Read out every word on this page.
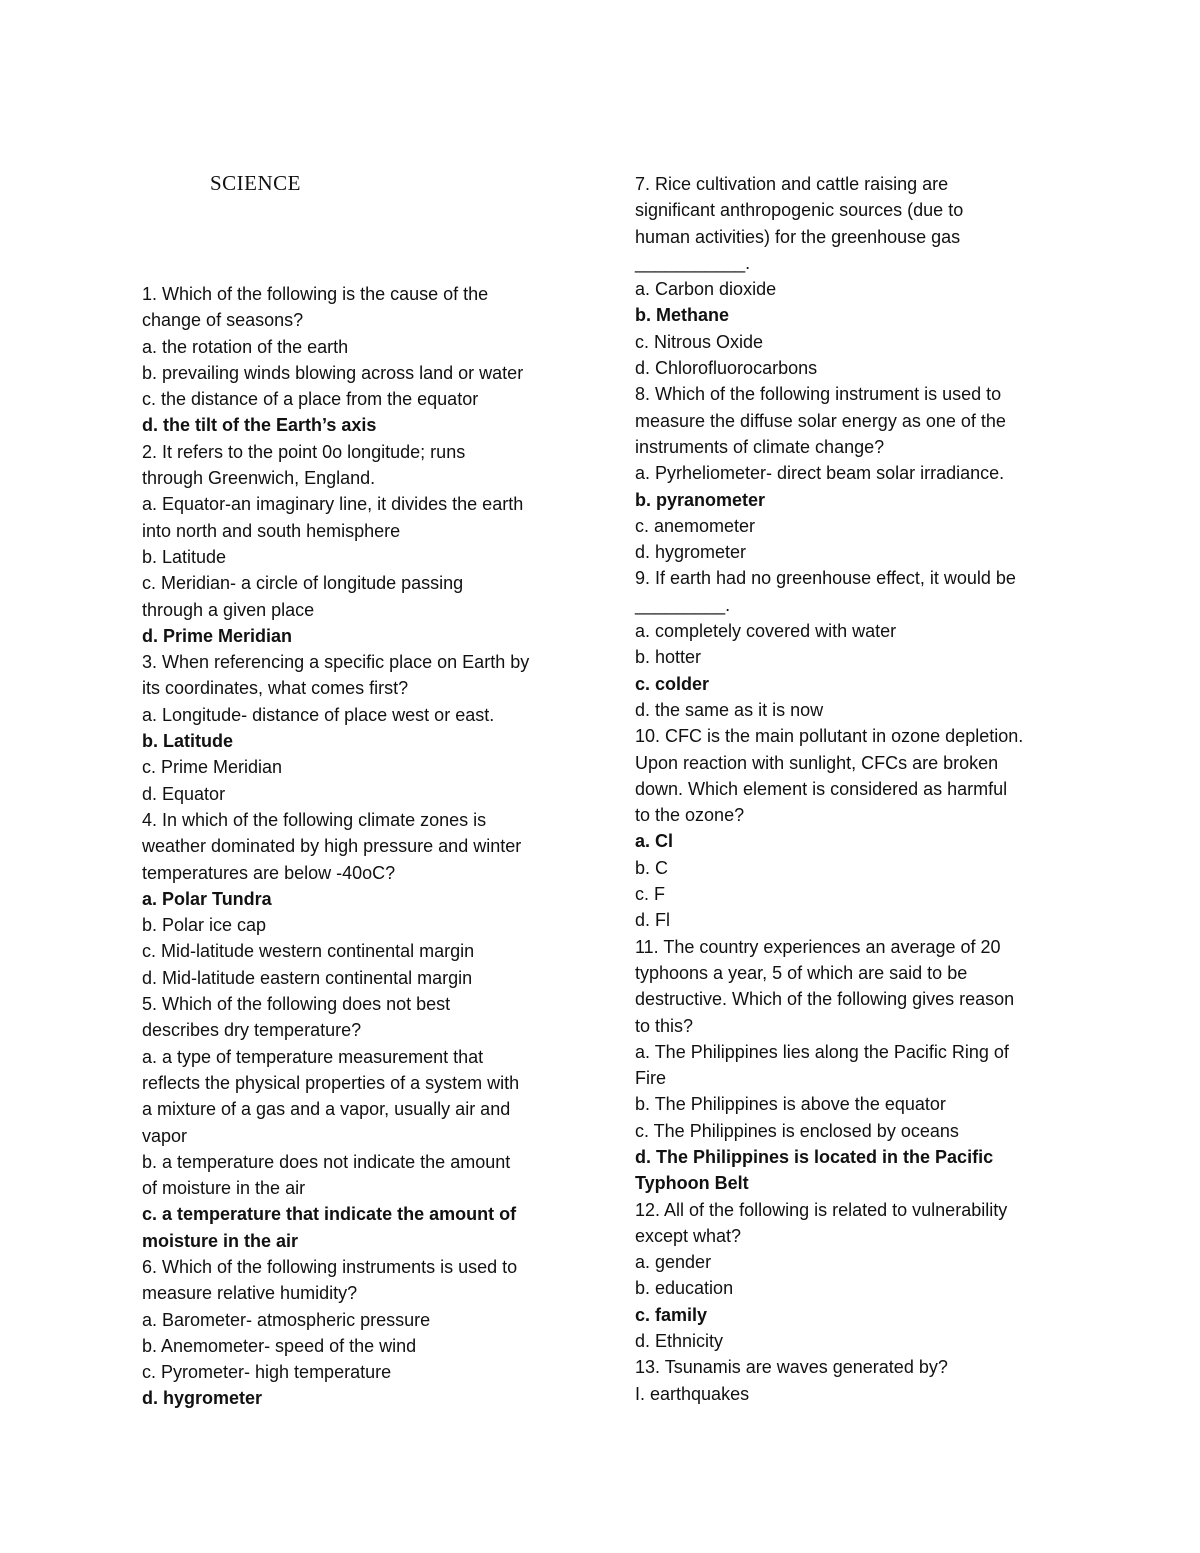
SCIENCE
1. Which of the following is the cause of the
change of seasons?
a. the rotation of the earth
b. prevailing winds blowing across land or water
c. the distance of a place from the equator
d. the tilt of the Earth’s axis
2. It refers to the point 0o longitude; runs
through Greenwich, England.
a. Equator-an imaginary line, it divides the earth
into north and south hemisphere
b. Latitude
c. Meridian- a circle of longitude passing
through a given place
d. Prime Meridian
3. When referencing a specific place on Earth by
its coordinates, what comes first?
a. Longitude- distance of place west or east.
b. Latitude
c. Prime Meridian
d. Equator
4. In which of the following climate zones is
weather dominated by high pressure and winter
temperatures are below -40oC?
a. Polar Tundra
b. Polar ice cap
c. Mid-latitude western continental margin
d. Mid-latitude eastern continental margin
5. Which of the following does not best
describes dry temperature?
a. a type of temperature measurement that
reflects the physical properties of a system with
a mixture of a gas and a vapor, usually air and
vapor
b. a temperature does not indicate the amount
of moisture in the air
c. a temperature that indicate the amount of
moisture in the air
6. Which of the following instruments is used to
measure relative humidity?
a. Barometer- atmospheric pressure
b. Anemometer- speed of the wind
c. Pyrometer- high temperature
d. hygrometer
7. Rice cultivation and cattle raising are
significant anthropogenic sources (due to
human activities) for the greenhouse gas
___________.
a. Carbon dioxide
b. Methane
c. Nitrous Oxide
d. Chlorofluorocarbons
8. Which of the following instrument is used to
measure the diffuse solar energy as one of the
instruments of climate change?
a. Pyrheliometer- direct beam solar irradiance.
b. pyranometer
c. anemometer
d. hygrometer
9. If earth had no greenhouse effect, it would be
_________.
a. completely covered with water
b. hotter
c. colder
d. the same as it is now
10. CFC is the main pollutant in ozone depletion.
Upon reaction with sunlight, CFCs are broken
down. Which element is considered as harmful
to the ozone?
a. Cl
b. C
c. F
d. Fl
11. The country experiences an average of 20
typhoons a year, 5 of which are said to be
destructive. Which of the following gives reason
to this?
a. The Philippines lies along the Pacific Ring of
Fire
b. The Philippines is above the equator
c. The Philippines is enclosed by oceans
d. The Philippines is located in the Pacific
Typhoon Belt
12. All of the following is related to vulnerability
except what?
a. gender
b. education
c. family
d. Ethnicity
13. Tsunamis are waves generated by?
I. earthquakes
